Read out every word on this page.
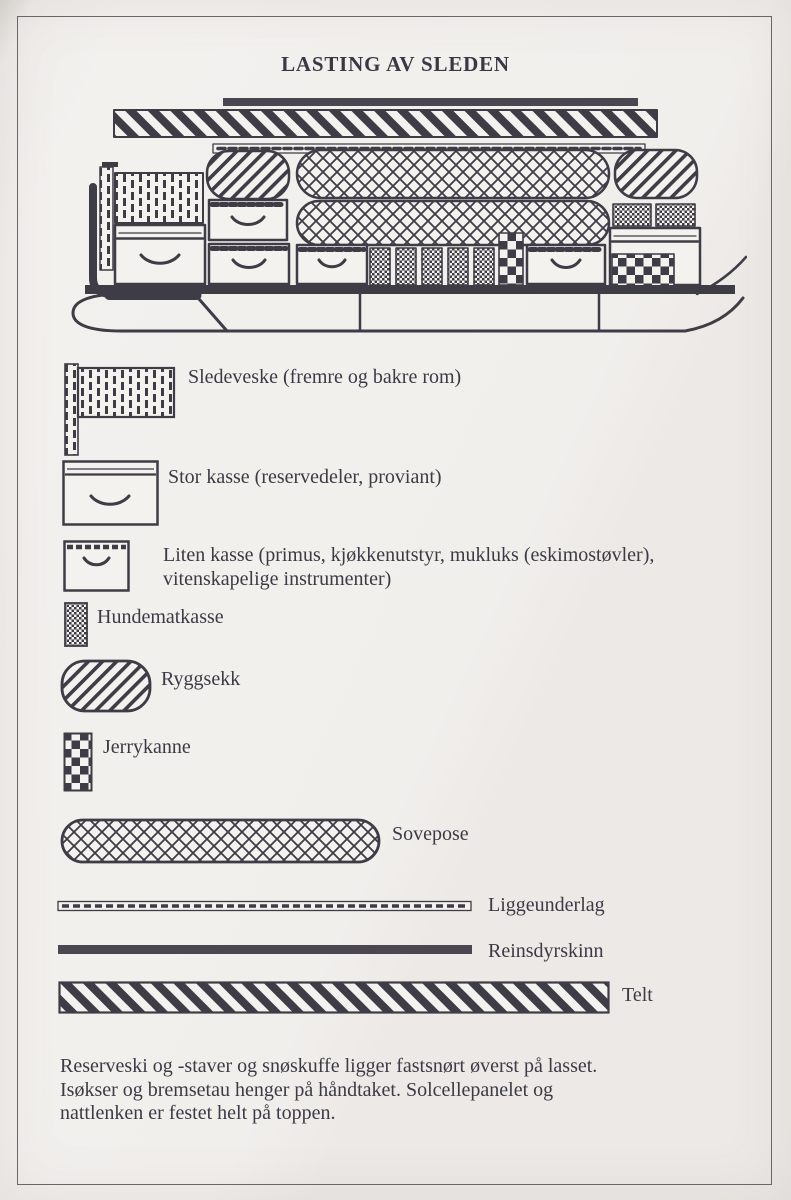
LASTING AV SLEDEN
Sledeveske (fremre og bakre rom)
Stor kasse (reservedeler, proviant)
Liten kasse (primus, kjøkkenutstyr, mukluks (eskimostøvler), vitenskapelige instrumenter)
Hundematkasse
Ryggsekk
Jerrykanne
Sovepose
Liggeunderlag
Reinsdyrskinn
Telt
Reserveski og -staver og snøskuffe ligger fastsnørt øverst på lasset.
Isøkser og bremsetau henger på håndtaket. Solcellepanelet og
nattlenken er festet helt på toppen.
